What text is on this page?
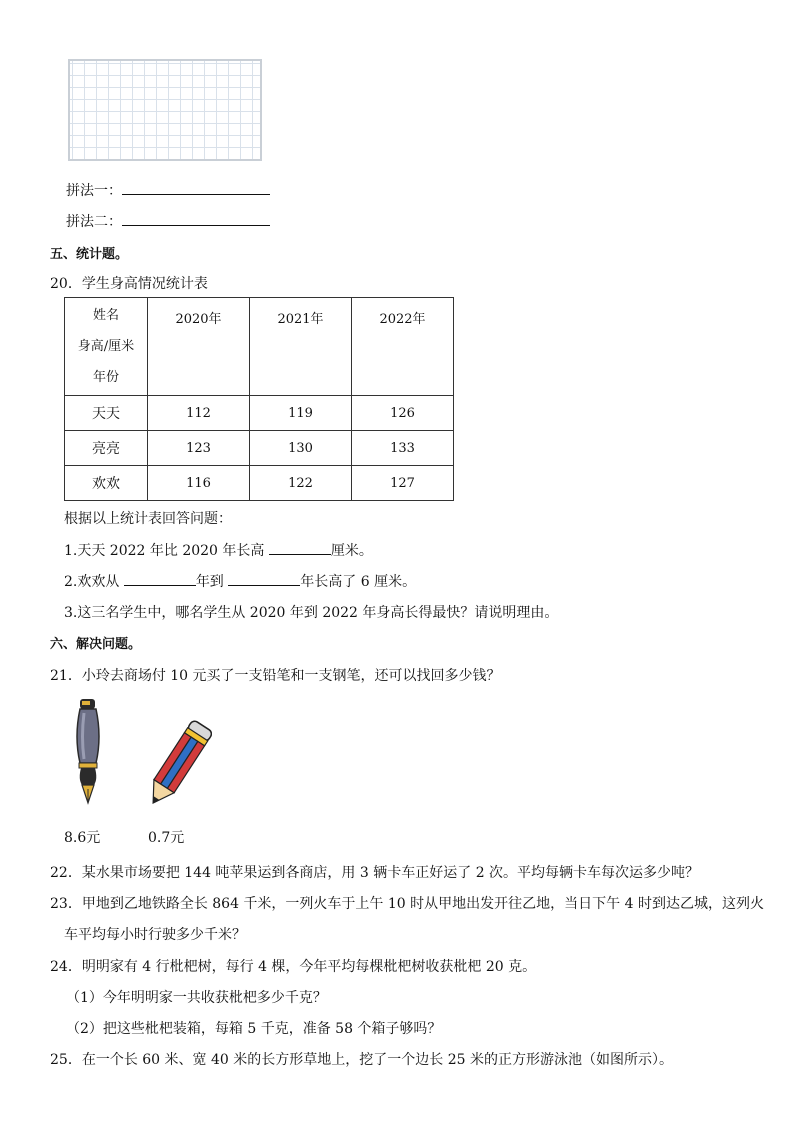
拼法一：
拼法二：
五、统计题。
20．学生身高情况统计表
姓名
身高/厘米
年份	2020年	2021年	2022年
天天	112	119	126
亮亮	123	130	133
欢欢	116	122	127
根据以上统计表回答问题：
1.天天 2022 年比 2020 年长高	厘米。
2.欢欢从	年到	年长高了 6 厘米。
3.这三名学生中，哪名学生从 2020 年到 2022 年身高长得最快？请说明理由。
六、解决问题。
21．小玲去商场付 10 元买了一支铅笔和一支钢笔，还可以找回多少钱？
8.6元	0.7元
22．某水果市场要把 144 吨苹果运到各商店，用 3 辆卡车正好运了 2 次。平均每辆卡车每次运多少吨？
23．甲地到乙地铁路全长 864 千米，一列火车于上午 10 时从甲地出发开往乙地，当日下午 4 时到达乙城，这列火
车平均每小时行驶多少千米？
24．明明家有 4 行枇杷树，每行 4 棵，今年平均每棵枇杷树收获枇杷 20 克。
（1）今年明明家一共收获枇杷多少千克？
（2）把这些枇杷装箱，每箱 5 千克，准备 58 个箱子够吗？
25．在一个长 60 米、宽 40 米的长方形草地上，挖了一个边长 25 米的正方形游泳池（如图所示）。
